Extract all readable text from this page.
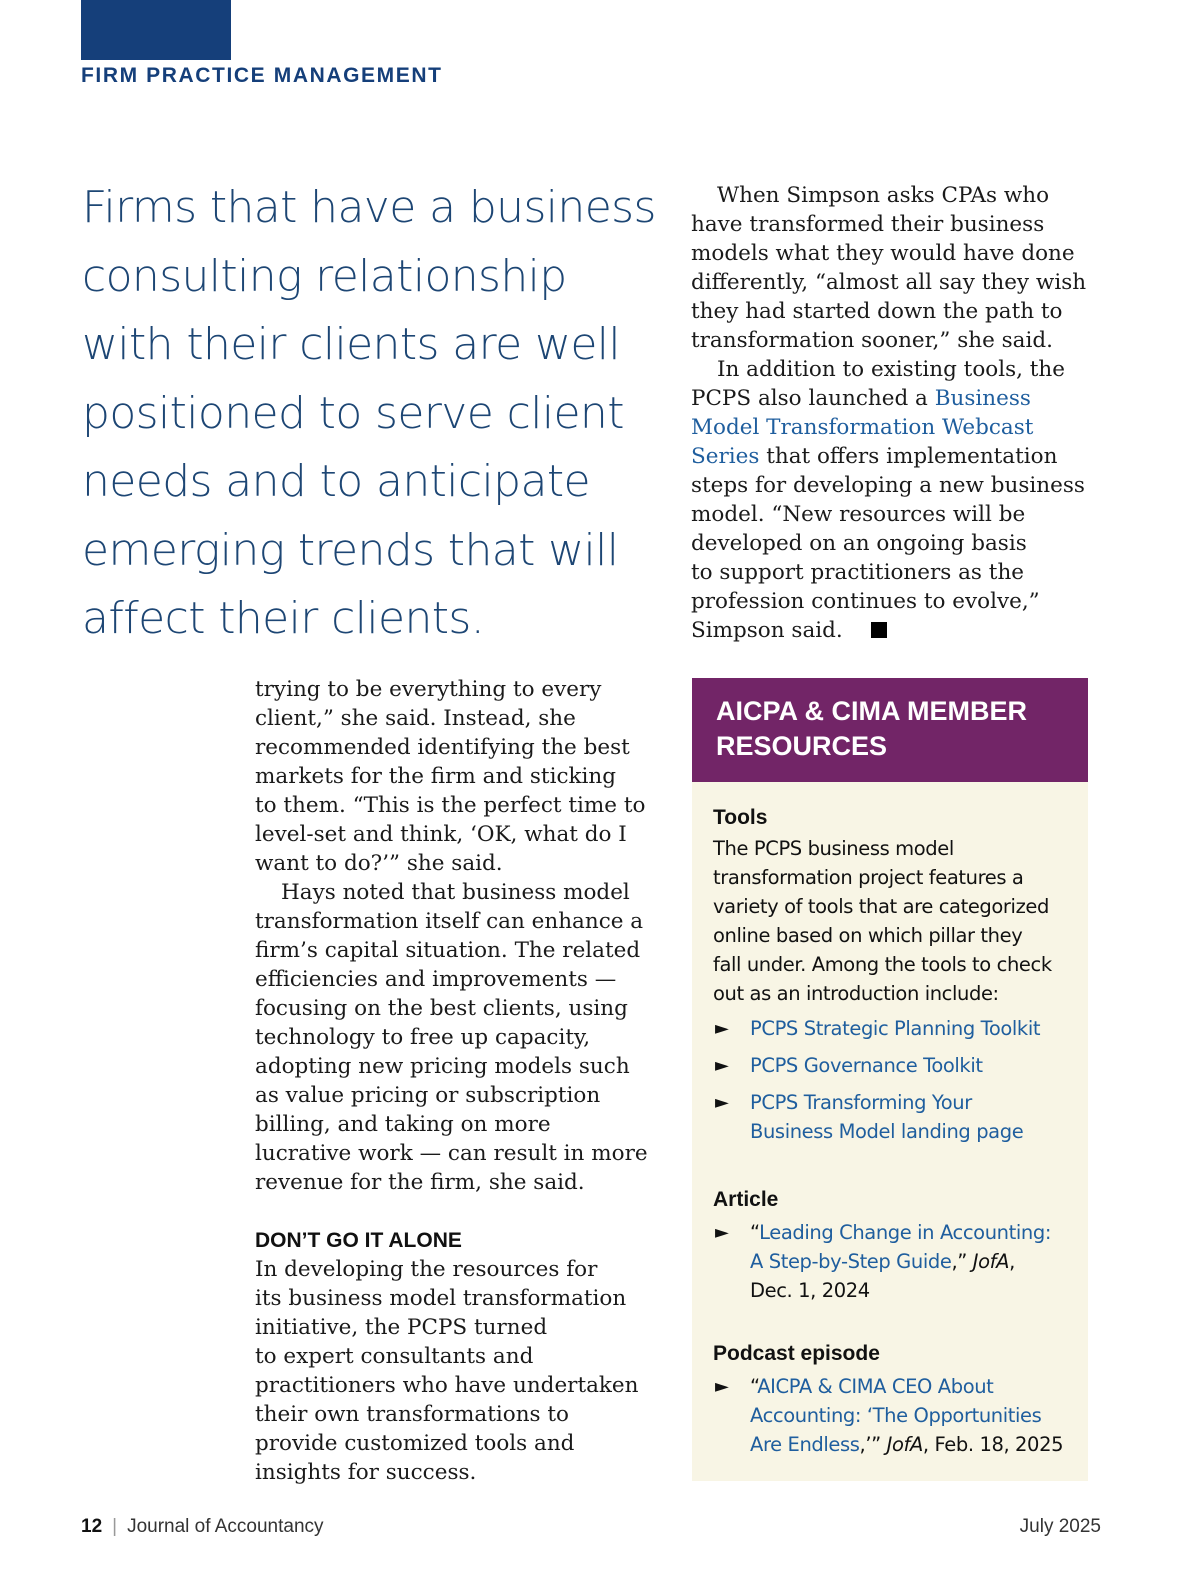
FIRM PRACTICE MANAGEMENT
Firms that have a business
consulting relationship
with their clients are well
positioned to serve client
needs and to anticipate
emerging trends that will
affect their clients.

When Simpson asks CPAs who
have transformed their business
models what they would have done
differently, “almost all say they wish
they had started down the path to
transformation sooner,” she said.

In addition to existing tools, the
PCPS also launched a Business
Model Transformation Webcast
Series that offers implementation
steps for developing a new business
model. “New resources will be
developed on an ongoing basis
to support practitioners as the
profession continues to evolve,”
Simpson said.

trying to be everything to every
client,” she said. Instead, she
recommended identifying the best
markets for the firm and sticking
to them. “This is the perfect time to
level-set and think, ‘OK, what do I
want to do?’” she said.

Hays noted that business model
transformation itself can enhance a
firm’s capital situation. The related
efficiencies and improvements —
focusing on the best clients, using
technology to free up capacity,
adopting new pricing models such
as value pricing or subscription
billing, and taking on more
lucrative work — can result in more
revenue for the firm, she said.

DON’T GO IT ALONE

In developing the resources for
its business model transformation
initiative, the PCPS turned
to expert consultants and
practitioners who have undertaken
their own transformations to
provide customized tools and
insights for success.

AICPA & CIMA MEMBER
RESOURCES
Tools
The PCPS business model
transformation project features a
variety of tools that are categorized
online based on which pillar they
fall under. Among the tools to check
out as an introduction include:
► PCPS Strategic Planning Toolkit
► PCPS Governance Toolkit
► PCPS Transforming Your
Business Model landing page
Article
► “Leading Change in Accounting:
A Step-by-Step Guide,” JofA,
Dec. 1, 2024
Podcast episode
► “AICPA & CIMA CEO About
Accounting: ‘The Opportunities
Are Endless,’” JofA, Feb. 18, 2025
12 | Journal of Accountancy	July 2025
